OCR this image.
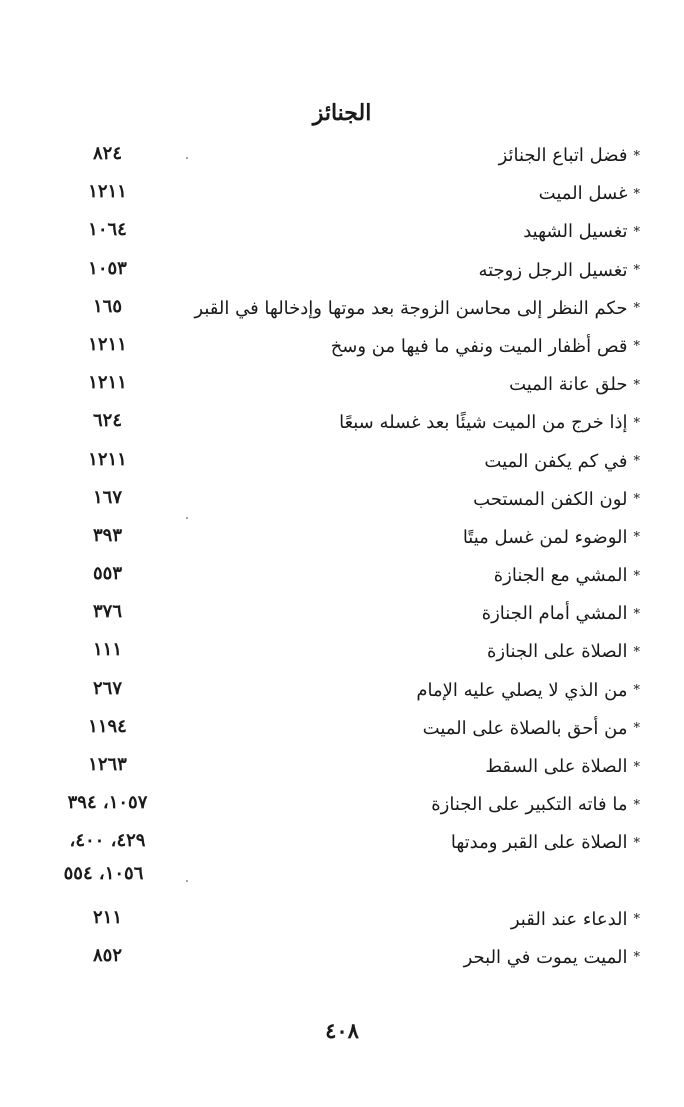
الجنائز
*فضل اتباع الجنائز
٨٢٤
*غسل الميت
١٢١١
*تغسيل الشهيد
١٠٦٤
*تغسيل الرجل زوجته
١٠٥٣
*حكم النظر إلى محاسن الزوجة بعد موتها وإدخالها في القبر
١٦٥
*قص أظفار الميت ونفي ما فيها من وسخ
١٢١١
*حلق عانة الميت
١٢١١
*إذا خرج من الميت شيئًا بعد غسله سبعًا
٦٢٤
*في كم يكفن الميت
١٢١١
*لون الكفن المستحب
١٦٧
*الوضوء لمن غسل ميتًا
٣٩٣
*المشي مع الجنازة
٥٥٣
*المشي أمام الجنازة
٣٧٦
*الصلاة على الجنازة
١١١
*من الذي لا يصلي عليه الإمام
٢٦٧
*من أحق بالصلاة على الميت
١١٩٤
*الصلاة على السقط
١٢٦٣
*ما فاته التكبير على الجنازة
١٠٥٧، ٣٩٤
*الصلاة على القبر ومدتها
٤٢٩، ٤٠٠،
١٠٥٦، ٥٥٤
*الدعاء عند القبر
٢١١
*الميت يموت في البحر
٨٥٢
٤٠٨
